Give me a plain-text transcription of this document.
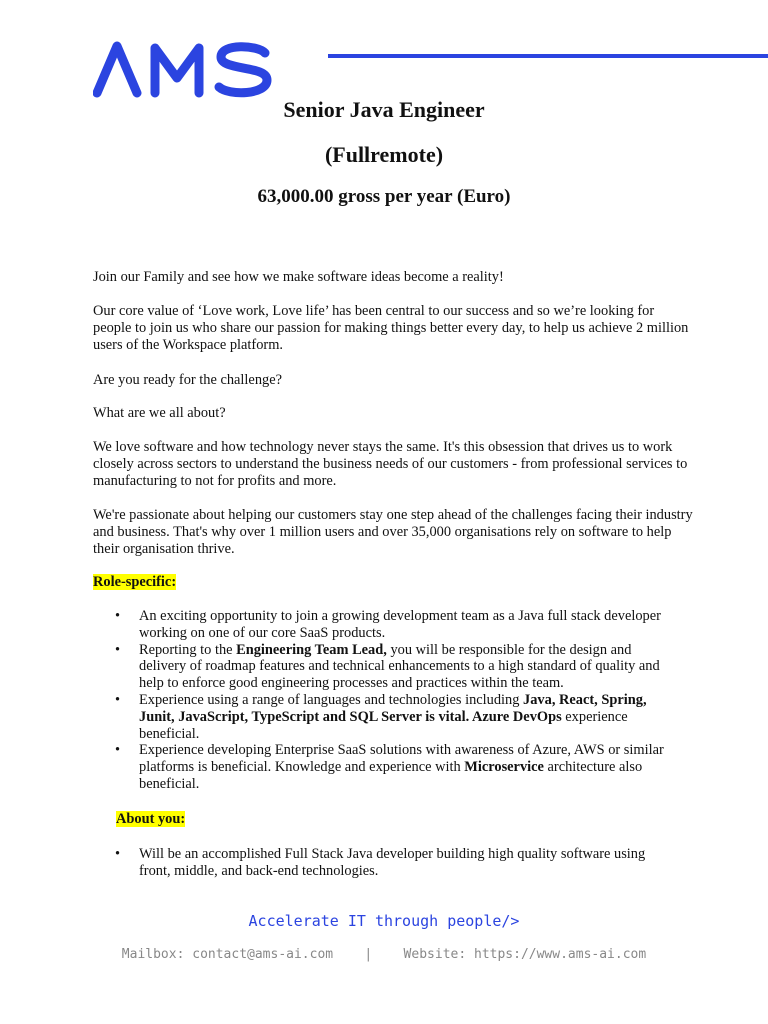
Senior Java Engineer
(Fullremote)
63,000.00 gross per year (Euro)
Join our Family and see how we make software ideas become a reality!
Our core value of ‘Love work, Love life’ has been central to our success and so we’re looking for people to join us who share our passion for making things better every day, to help us achieve 2 million users of the Workspace platform.
Are you ready for the challenge?
What are we all about?
We love software and how technology never stays the same. It's this obsession that drives us to work closely across sectors to understand the business needs of our customers - from professional services to manufacturing to not for profits and more.
We're passionate about helping our customers stay one step ahead of the challenges facing their industry and business. That's why over 1 million users and over 35,000 organisations rely on software to help their organisation thrive.
Role-specific:
• An exciting opportunity to join a growing development team as a Java full stack developer working on one of our core SaaS products.
• Reporting to the Engineering Team Lead, you will be responsible for the design and delivery of roadmap features and technical enhancements to a high standard of quality and help to enforce good engineering processes and practices within the team.
• Experience using a range of languages and technologies including Java, React, Spring, Junit, JavaScript, TypeScript and SQL Server is vital. Azure DevOps experience beneficial.
• Experience developing Enterprise SaaS solutions with awareness of Azure, AWS or similar platforms is beneficial. Knowledge and experience with Microservice architecture also beneficial.
About you:
• Will be an accomplished Full Stack Java developer building high quality software using front, middle, and back-end technologies.
Accelerate IT through people/>
Mailbox: contact@ams-ai.com    |    Website: https://www.ams-ai.com
